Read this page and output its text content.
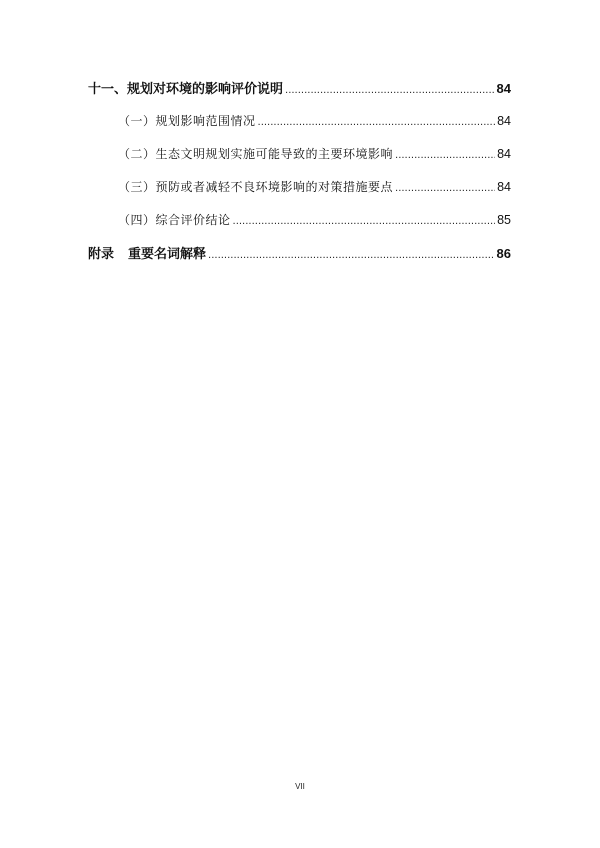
十一、规划对环境的影响评价说明 .....	84
（一）规划影响范围情况 .....	84
（二）生态文明规划实施可能导致的主要环境影响 .....	84
（三）预防或者减轻不良环境影响的对策措施要点 .....	84
（四）综合评价结论 .....	85
附录 重要名词解释 .....	86
VII
